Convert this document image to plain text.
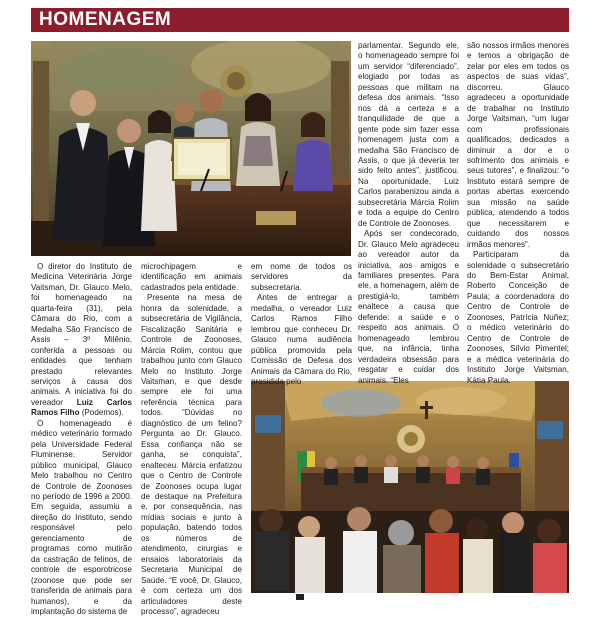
HOMENAGEM

O diretor do Instituto de Medicina Veterinária Jorge Vaitsman, Dr. Glauco Melo, foi homenageado na quarta-feira (31), pela Câmara do Rio, com a Medalha São Francisco de Assis – 3º Milênio, conferida a pessoas ou entidades que tenham prestado relevantes serviços à causa dos animais. A iniciativa foi do vereador Luiz Carlos Ramos Filho (Podemos).

O homenageado é médico veterinário formado pela Universidade Federal Fluminense. Servidor público municipal, Glauco Melo trabalhou no Centro de Controle de Zoonoses no período de 1996 a 2000. Em seguida, assumiu a direção do Instituto, sendo responsável pelo gerenciamento de programas como mutirão da castração de felinos, de controle de esporotricose (zoonose que pode ser transferida de animais para humanos), e da implantação do sistema de

microchipagem e identificação em animais cadastrados pela entidade.

Presente na mesa de honra da solenidade, a subsecretária de Vigilância, Fiscalização Sanitária e Controle de Zoonoses, Márcia Rolim, contou que trabalhou junto com Glauco Melo no Instituto Jorge Vaitsman, e que desde sempre ele foi uma referência técnica para todos. “Dúvidas no diagnóstico de um felino? Pergunta ao Dr. Glauco. Essa confiança não se ganha, se conquista”, enalteceu. Márcia enfatizou que o Centro de Controle de Zoonoses ocupa lugar de destaque na Prefeitura e, por consequência, nas mídias sociais e junto à população, batendo todos os números de atendimento, cirurgias e ensaios laboratoriais da Secretaria Municipal de Saúde. “E você, Dr. Glauco, é com certeza um dos articuladores deste processo”, agradeceu

em nome de todos os servidores da subsecretaria.

Antes de entregar a medalha, o vereador Luiz Carlos Ramos Filho lembrou que conheceu Dr. Glauco numa audiência pública promovida pela Comissão de Defesa dos Animais da Câmara do Rio, presidida pelo

parlamentar. Segundo ele, o homenageado sempre foi um servidor “diferenciado”, elogiado por todas as pessoas que militam na defesa dos animais. “Isso nos dá a certeza e a tranquilidade de que a gente pode sim fazer essa homenagem justa com a medalha São Francisco de Assis, o que já deveria ter sido feito antes”, justificou. Na oportunidade, Luiz Carlos parabenizou ainda a subsecretária Márcia Rolim e toda a equipe do Centro de Controle de Zoonoses.

Após ser condecorado, Dr. Glauco Melo agradeceu ao vereador autor da iniciativa, aos amigos e familiares presentes. Para ele, a homenagem, além de prestigiá-lo, também enaltece a causa que defende: a saúde e o respeito aos animais. O homenageado lembrou que, na infância, tinha verdadeira obsessão para resgatar e cuidar dos animais. “Eles

são nossos irmãos menores e temos a obrigação de zelar por eles em todos os aspectos de suas vidas”, discorreu. Glauco agradeceu a oportunidade de trabalhar no Instituto Jorge Vaitsman, “um lugar com profissionais qualificados, dedicados a diminuir a dor e o sofrimento dos animais e seus tutores”, e finalizou: “o Instituto estará sempre de portas abertas exercendo sua missão na saúde pública, atendendo a todos que necessitarem e cuidando dos nossos irmãos menores”.

Participaram da solenidade o subsecretário do Bem-Estar Animal, Roberto Conceição de Paula; a coordenadora do Centro de Controle de Zoonoses, Patrícia Nuñez; o médico veterinário do Centro de Controle de Zoonoses, Sílvio Pimentel; e a médica veterinária do Instituto Jorge Vaitsman, Kátia Paula.
